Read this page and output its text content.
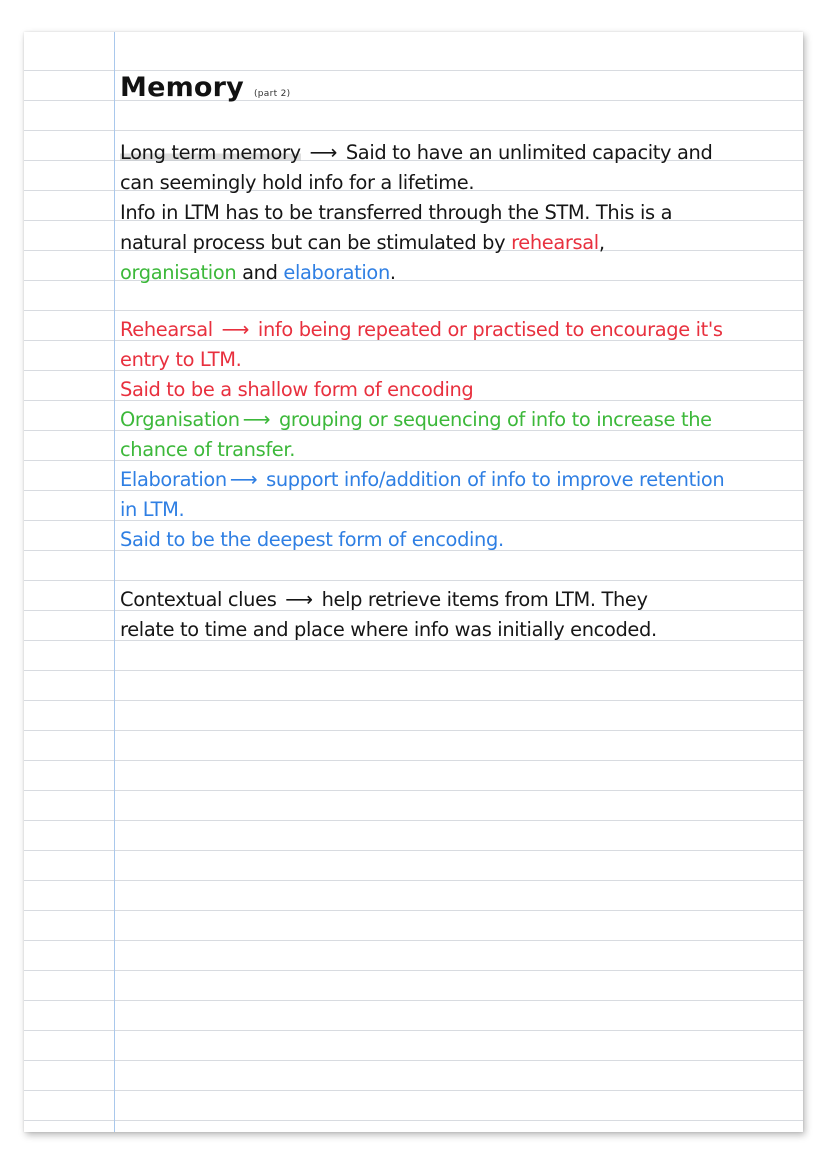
Memory (part 2)
Long term memory ⟶ Said to have an unlimited capacity and
can seemingly hold info for a lifetime.
Info in LTM has to be transferred through the STM. This is a
natural process but can be stimulated by rehearsal,
organisation and elaboration.
Rehearsal ⟶ info being repeated or practised to encourage it's
entry to LTM.
Said to be a shallow form of encoding
Organisation ⟶ grouping or sequencing of info to increase the
chance of transfer.
Elaboration ⟶ support info/addition of info to improve retention
in LTM.
Said to be the deepest form of encoding.
Contextual clues ⟶ help retrieve items from LTM. They
relate to time and place where info was initially encoded.
